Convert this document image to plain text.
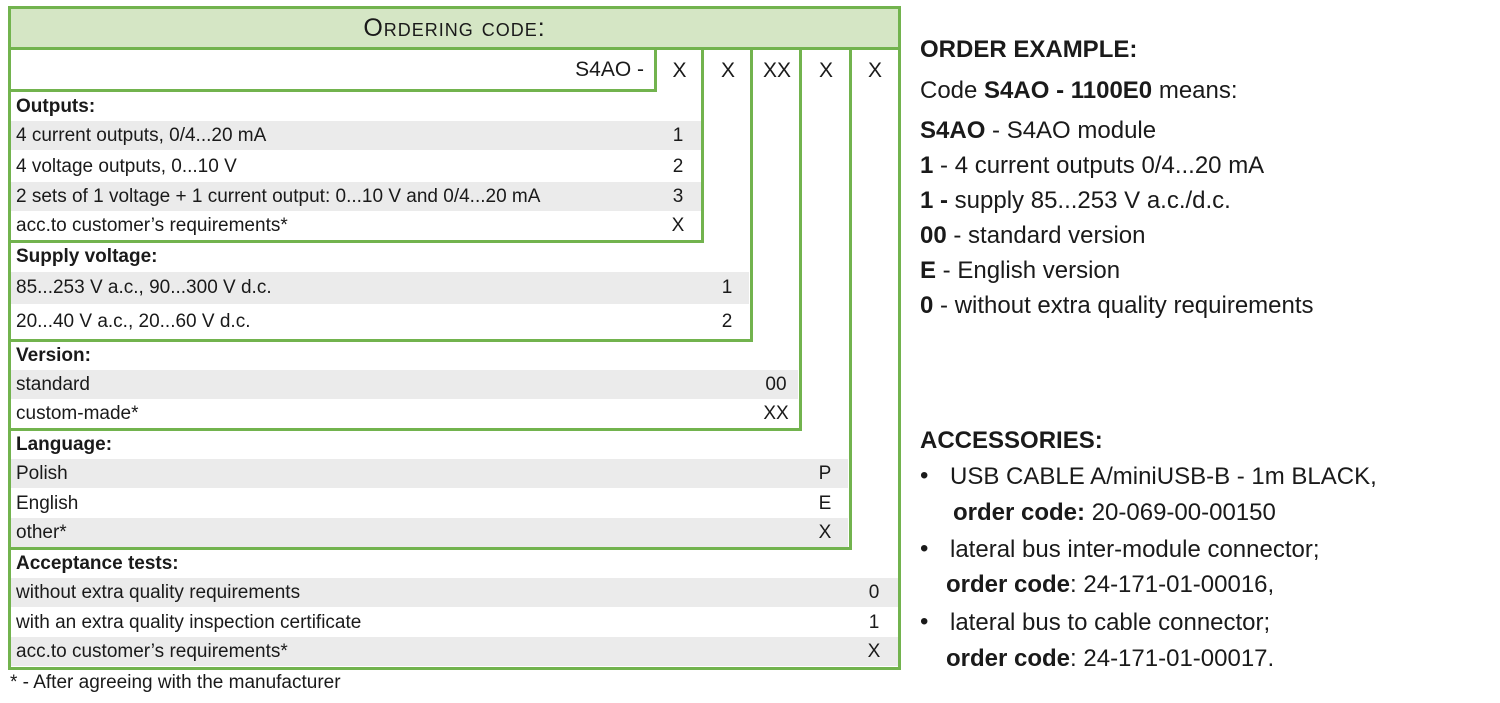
Ordering code:
S4AO -	X	X	XX	X	X
Outputs:
4 current outputs, 0/4...20 mA	1
4 voltage outputs, 0...10 V	2
2 sets of 1 voltage + 1 current output: 0...10 V and 0/4...20 mA	3
acc.to customer’s requirements*	X
Supply voltage:
85...253 V a.c., 90...300 V d.c.	1
20...40 V a.c., 20...60 V d.c.	2
Version:
standard	00
custom-made*	XX
Language:
Polish	P
English	E
other*	X
Acceptance tests:
without extra quality requirements	0
with an extra quality inspection certificate	1
acc.to customer’s requirements*	X
* - After agreeing with the manufacturer
ORDER EXAMPLE:
Code S4AO - 1100E0 means:
S4AO - S4AO module
1 - 4 current outputs 0/4...20 mA
1 - supply 85...253 V a.c./d.c.
00 - standard version
E - English version
0 - without extra quality requirements
ACCESSORIES:
• USB CABLE A/miniUSB-B - 1m BLACK,
order code: 20-069-00-00150
• lateral bus inter-module connector;
order code: 24-171-01-00016,
• lateral bus to cable connector;
order code: 24-171-01-00017.
